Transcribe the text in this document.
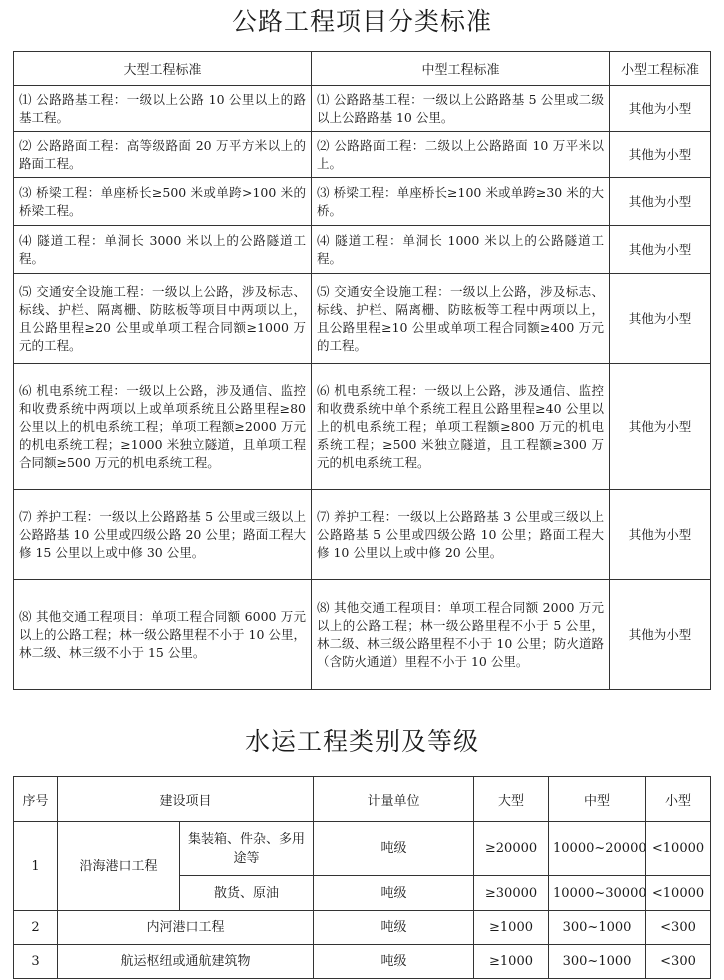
公路工程项目分类标准
大型工程标准	中型工程标准	小型工程标准
⑴ 公路路基工程：一级以上公路 10 公里以上的路基工程。	⑴ 公路路基工程：一级以上公路路基 5 公里或二级以上公路路基 10 公里。	其他为小型
⑵ 公路路面工程：高等级路面 20 万平方米以上的路面工程。	⑵ 公路路面工程：二级以上公路路面 10 万平米以上。	其他为小型
⑶ 桥梁工程：单座桥长≥500 米或单跨>100 米的桥梁工程。	⑶ 桥梁工程：单座桥长≥100 米或单跨≥30 米的大桥。	其他为小型
⑷ 隧道工程：单洞长 3000 米以上的公路隧道工程。	⑷ 隧道工程：单洞长 1000 米以上的公路隧道工程。	其他为小型
⑸ 交通安全设施工程：一级以上公路，涉及标志、标线、护栏、隔离栅、防眩板等项目中两项以上，且公路里程≥20 公里或单项工程合同额≥1000 万元的工程。	⑸ 交通安全设施工程：一级以上公路，涉及标志、标线、护栏、隔离栅、防眩板等工程中两项以上，且公路里程≥10 公里或单项工程合同额≥400 万元的工程。	其他为小型
⑹ 机电系统工程：一级以上公路，涉及通信、监控和收费系统中两项以上或单项系统且公路里程≥80 公里以上的机电系统工程；单项工程额≥2000 万元的机电系统工程；≥1000 米独立隧道，且单项工程合同额≥500 万元的机电系统工程。	⑹ 机电系统工程：一级以上公路，涉及通信、监控和收费系统中单个系统工程且公路里程≥40 公里以上的机电系统工程；单项工程额≥800 万元的机电系统工程；≥500 米独立隧道，且工程额≥300 万元的机电系统工程。	其他为小型
⑺ 养护工程：一级以上公路路基 5 公里或三级以上公路路基 10 公里或四级公路 20 公里；路面工程大修 15 公里以上或中修 30 公里。	⑺ 养护工程：一级以上公路路基 3 公里或三级以上公路路基 5 公里或四级公路 10 公里；路面工程大修 10 公里以上或中修 20 公里。	其他为小型
⑻ 其他交通工程项目：单项工程合同额 6000 万元以上的公路工程；林一级公路里程不小于 10 公里，林二级、林三级不小于 15 公里。	⑻ 其他交通工程项目：单项工程合同额 2000 万元以上的公路工程；林一级公路里程不小于 5 公里，林二级、林三级公路里程不小于 10 公里；防火道路（含防火通道）里程不小于 10 公里。	其他为小型
水运工程类别及等级
序号	建设项目		计量单位	大型	中型	小型
1	沿海港口工程	集装箱、件杂、多用途等	吨级	≥20000	10000~20000	<10000
		散货、原油	吨级	≥30000	10000~30000	<10000
2	内河港口工程		吨级	≥1000	300~1000	<300
3	航运枢纽或通航建筑物		吨级	≥1000	300~1000	<300
